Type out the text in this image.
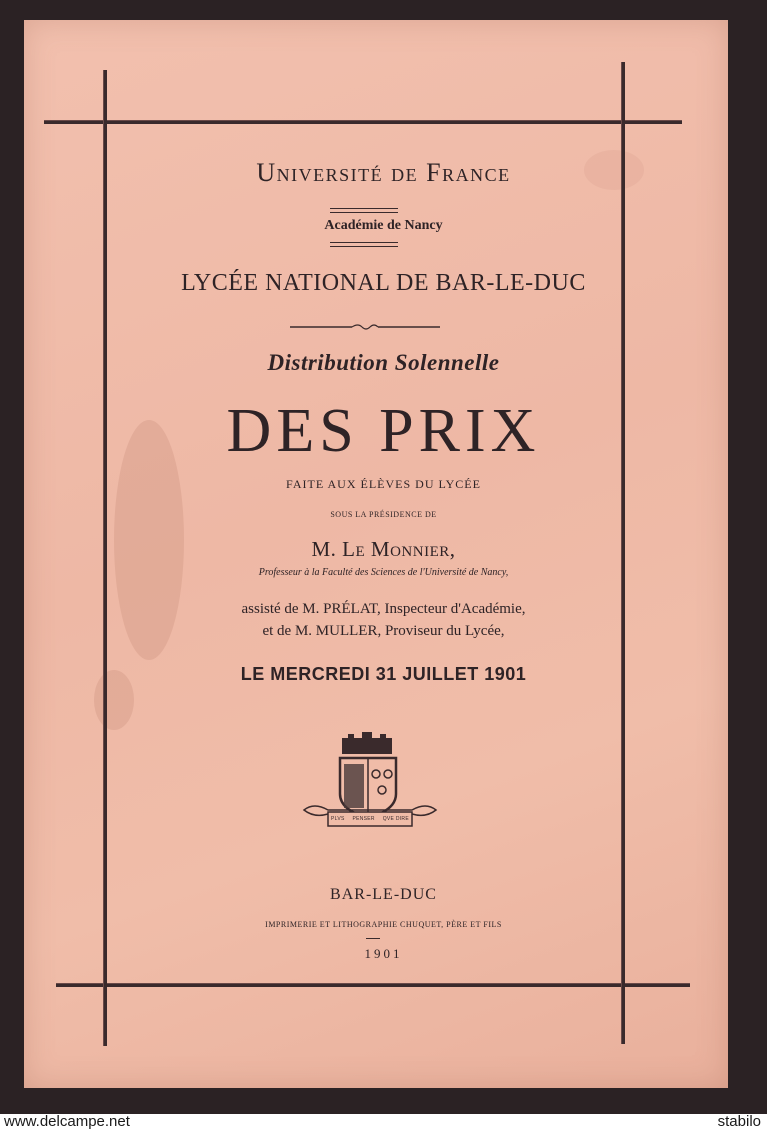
Université de France
Académie de Nancy
LYCÉE NATIONAL DE BAR-LE-DUC
Distribution Solennelle
DES PRIX
FAITE AUX ÉLÈVES DU LYCÉE
SOUS LA PRÉSIDENCE DE
M. Le Monnier,
Professeur à la Faculté des Sciences de l'Université de Nancy,
assisté de M. PRÉLAT, Inspecteur d'Académie,
et de M. MULLER, Proviseur du Lycée,
LE MERCREDI 31 JUILLET 1901
PLVS PENSER QVE DIRE
BAR-LE-DUC
IMPRIMERIE ET LITHOGRAPHIE CHUQUET, PÈRE ET FILS
1901
www.delcampe.net	stabilo
